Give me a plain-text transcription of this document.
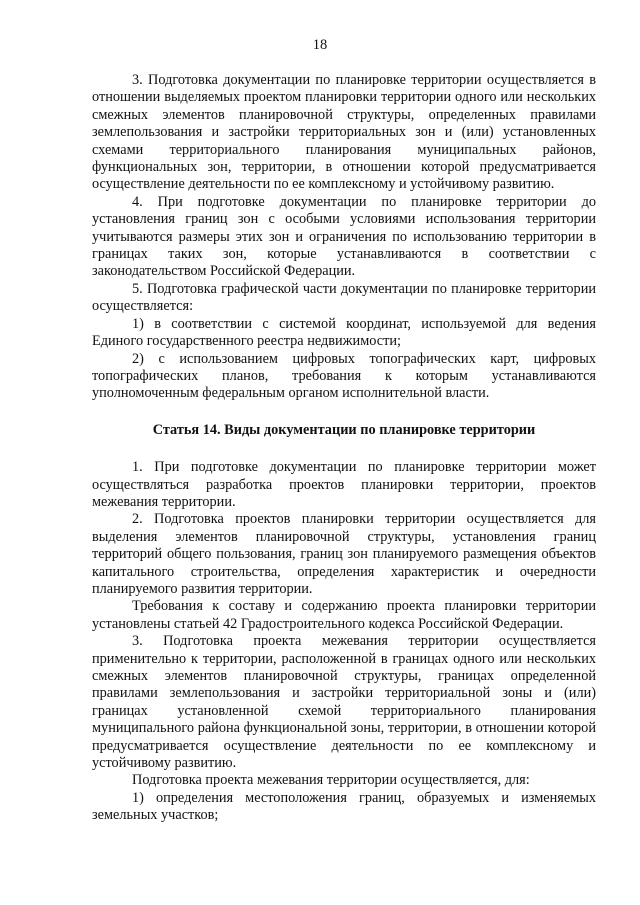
18

3. Подготовка документации по планировке территории осуществляется в отношении выделяемых проектом планировки территории одного или нескольких смежных элементов планировочной структуры, определенных правилами землепользования и застройки территориальных зон и (или) установленных схемами территориального планирования муниципальных районов, функциональных зон, территории, в отношении которой предусматривается осуществление деятельности по ее комплексному и устойчивому развитию.

4. При подготовке документации по планировке территории до установления границ зон с особыми условиями использования территории учитываются размеры этих зон и ограничения по использованию территории в границах таких зон, которые устанавливаются в соответствии с законодательством Российской Федерации.

5. Подготовка графической части документации по планировке территории осуществляется:

1) в соответствии с системой координат, используемой для ведения Единого государственного реестра недвижимости;

2) с использованием цифровых топографических карт, цифровых топографических планов, требования к которым устанавливаются уполномоченным федеральным органом исполнительной власти.

Статья 14. Виды документации по планировке территории

1. При подготовке документации по планировке территории может осуществляться разработка проектов планировки территории, проектов межевания территории.

2. Подготовка проектов планировки территории осуществляется для выделения элементов планировочной структуры, установления границ территорий общего пользования, границ зон планируемого размещения объектов капитального строительства, определения характеристик и очередности планируемого развития территории.

Требования к составу и содержанию проекта планировки территории установлены статьей 42 Градостроительного кодекса Российской Федерации.

3. Подготовка проекта межевания территории осуществляется применительно к территории, расположенной в границах одного или нескольких смежных элементов планировочной структуры, границах определенной правилами землепользования и застройки территориальной зоны и (или) границах установленной схемой территориального планирования муниципального района функциональной зоны, территории, в отношении которой предусматривается осуществление деятельности по ее комплексному и устойчивому развитию.

Подготовка проекта межевания территории осуществляется, для:

1) определения местоположения границ, образуемых и изменяемых земельных участков;
